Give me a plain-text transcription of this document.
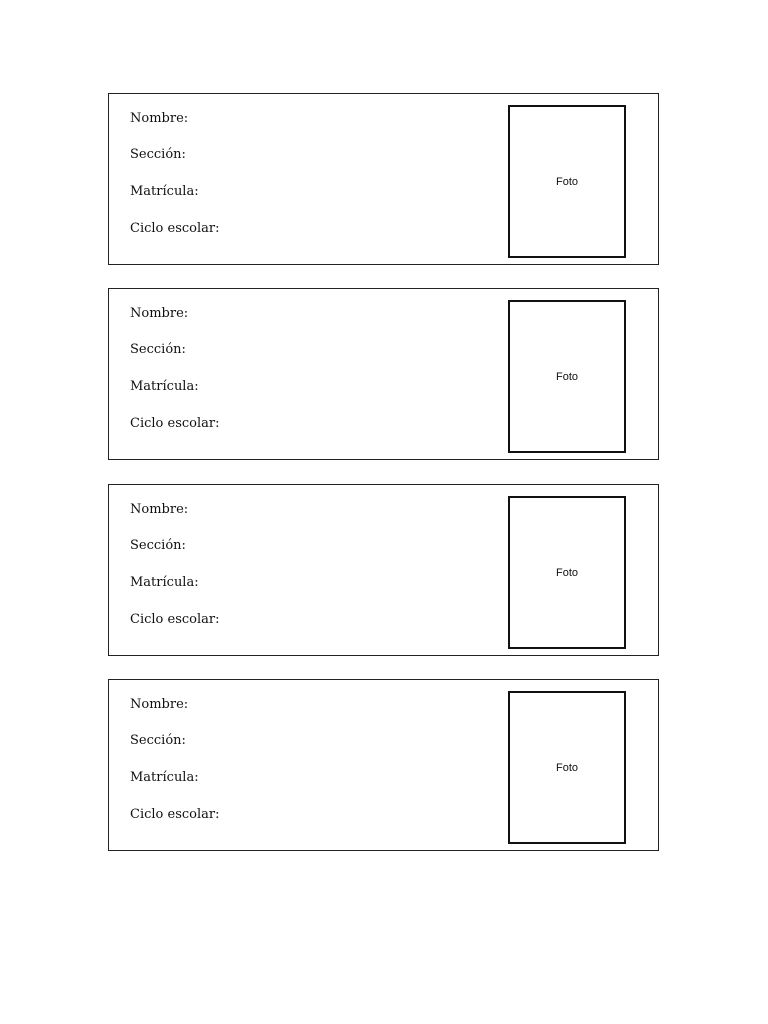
Nombre:
Sección:
Matrícula:
Ciclo escolar:
Foto
Nombre:
Sección:
Matrícula:
Ciclo escolar:
Foto
Nombre:
Sección:
Matrícula:
Ciclo escolar:
Foto
Nombre:
Sección:
Matrícula:
Ciclo escolar:
Foto
